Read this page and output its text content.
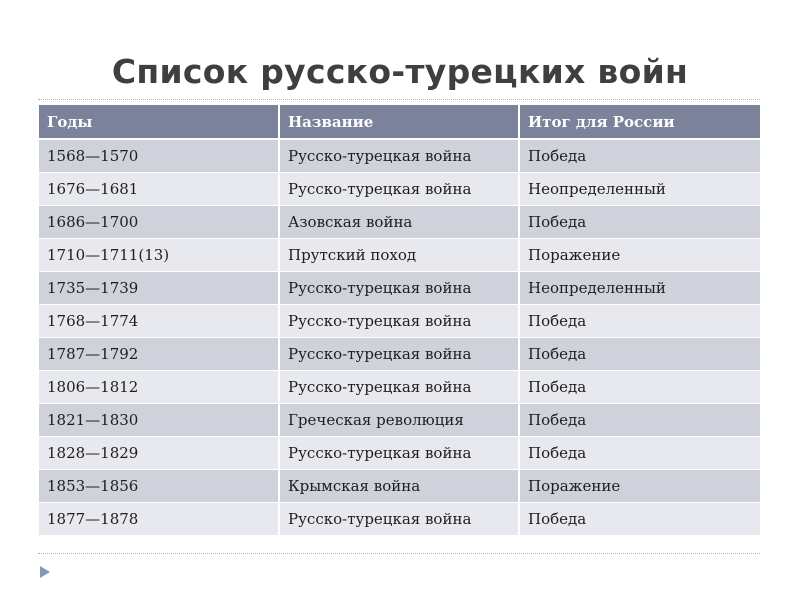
Список русско-турецких войн
Годы	Название	Итог для России
1568—1570	Русско-турецкая война	Победа
1676—1681	Русско-турецкая война	Неопределенный
1686—1700	Азовская война	Победа
1710—1711(13)	Прутский поход	Поражение
1735—1739	Русско-турецкая война	Неопределенный
1768—1774	Русско-турецкая война	Победа
1787—1792	Русско-турецкая война	Победа
1806—1812	Русско-турецкая война	Победа
1821—1830	Греческая революция	Победа
1828—1829	Русско-турецкая война	Победа
1853—1856	Крымская война	Поражение
1877—1878	Русско-турецкая война	Победа
